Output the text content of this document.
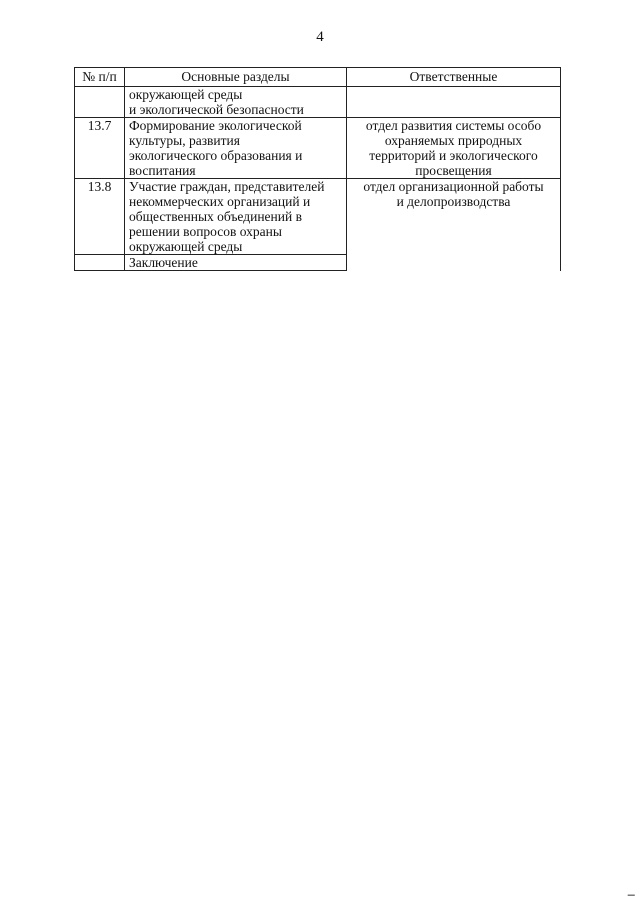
4
№ п/п	Основные разделы	Ответственные

	окружающей среды
и экологической безопасности	

13.7	Формирование экологической
культуры, развития
экологического образования и
воспитания	отдел развития системы особо
охраняемых природных
территорий и экологического
просвещения

13.8	Участие граждан, представителей
некоммерческих организаций и
общественных объединений в
решении вопросов охраны
окружающей среды	отдел организационной работы
и делопроизводства

	Заключение	
▪▪▪▪▪▪
